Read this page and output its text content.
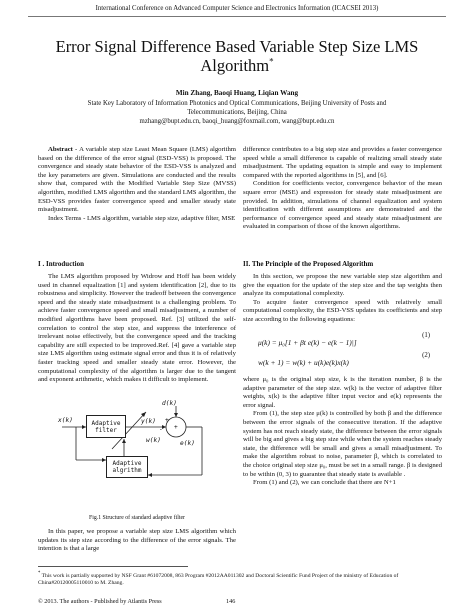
International Conference on Advanced Computer Science and Electronics Information (ICACSEI 2013)
Error Signal Difference Based Variable Step Size LMS
Algorithm*
Min Zhang, Baoqi Huang, Liqian Wang
State Key Laboratory of Information Photonics and Optical Communications, Beijing University of Posts and
Telecommunications, Beijing, China
mzhang@bupt.edu.cn, baoqi_huang@foxmail.com, wang@bupt.edu.cn

Abstract - A variable step size Least Mean Square (LMS) algorithm based on the difference of the error signal (ESD-VSS) is proposed. The convergence and steady state behavior of the ESD-VSS is analyzed and the key parameters are given. Simulations are conducted and the results show that, compared with the Modified Variable Step Size (MVSS) algorithm, modified LMS algorithm and the standard LMS algorithm, the ESD-VSS provides faster convergence speed and smaller steady state misadjustment.

Index Terms - LMS algorithm, variable step size, adaptive filter, MSE

I . Introduction

The LMS algorithm proposed by Widrow and Hoff has been widely used in channel equalization [1] and system identification [2], due to its robustness and simplicity. However the tradeoff between the convergence speed and the steady state misadjustment is a challenging problem. To achieve faster convergence speed and small misadjustment, a number of modified algorithms have been proposed. Ref. [3] utilized the self-correlation to control the step size, and suppress the interference of irrelevant noise effectively, but the convergence speed and the tracking capability are still expected to be improved.Ref. [4] gave a variable step size LMS algorithm using estimate signal error and thus it is of relatively faster tracking speed and smaller steady state error. However, the computational complexity of the algorithm is larger due to the tangent and exponent arithmetic, which makes it difficult to implement.

Adaptive
filter
Adaptive
algrithm
x(k)	y(k)
d(k)
w(k)	e(k)
+
- +
Fig.1 Structure of standard adaptive filter

In this paper, we propose a variable step size LMS algorithm which updates its step size according to the difference of the error signals. The intention is that a large

difference contributes to a big step size and provides a faster convergence speed while a small difference is capable of realizing small steady state misadjustment. The updating equation is simple and easy to implement compared with the reported algorithms in [5], and [6].

Condition for coefficients vector, convergence behavior of the mean square error (MSE) and expression for steady state misadjustment are provided. In addition, simulations of channel equalization and system identification with different assumptions are demonstrated and the performance of convergence speed and steady state misadjustment are evaluated in comparison of those of the known algorithms.

II. The Principle of the Proposed Algorithm

In this section, we propose the new variable step size algorithm and give the equation for the update of the step size and the tap weights then analyze its computational complexity.

To acquire faster convergence speed with relatively small computational complexity, the ESD-VSS updates its coefficients and step size according to the following equations:

μ(k) = μ₀[1 + βt e(k) − e(k − 1)|]
(1)
w(k + 1) = w(k) + u(k)e(k)x(k)
(2)

where μ₀ is the original step size, k is the iteration number, β is the adaptive parameter of the step size. w(k) is the vector of adaptive filter weights, x(k) is the adaptive filter input vector and e(k) represents the error signal.

From (1), the step size μ(k) is controlled by both β and the difference between the error signals of the consecutive iteration. If the adaptive system has not reach steady state, the difference between the error signals will be big and gives a big step size while when the system reaches steady state, the difference will be small and gives a small misadjustment. To make the algorithm robust to noise, parameter β, which is correlated to the choice original step size μ₀, must be set in a small range. β is designed to be within (0, 3) to guarantee that steady state is available .

From (1) and (2), we can conclude that there are N+1

* This work is partially supported by NSF Grant #61072008, 863 Program #2012AA011302 and Doctoral Scientific Fund Project of the ministry of Education of China#20120005110010 to M. Zhang.
© 2013. The authors - Published by Atlantis Press	146
